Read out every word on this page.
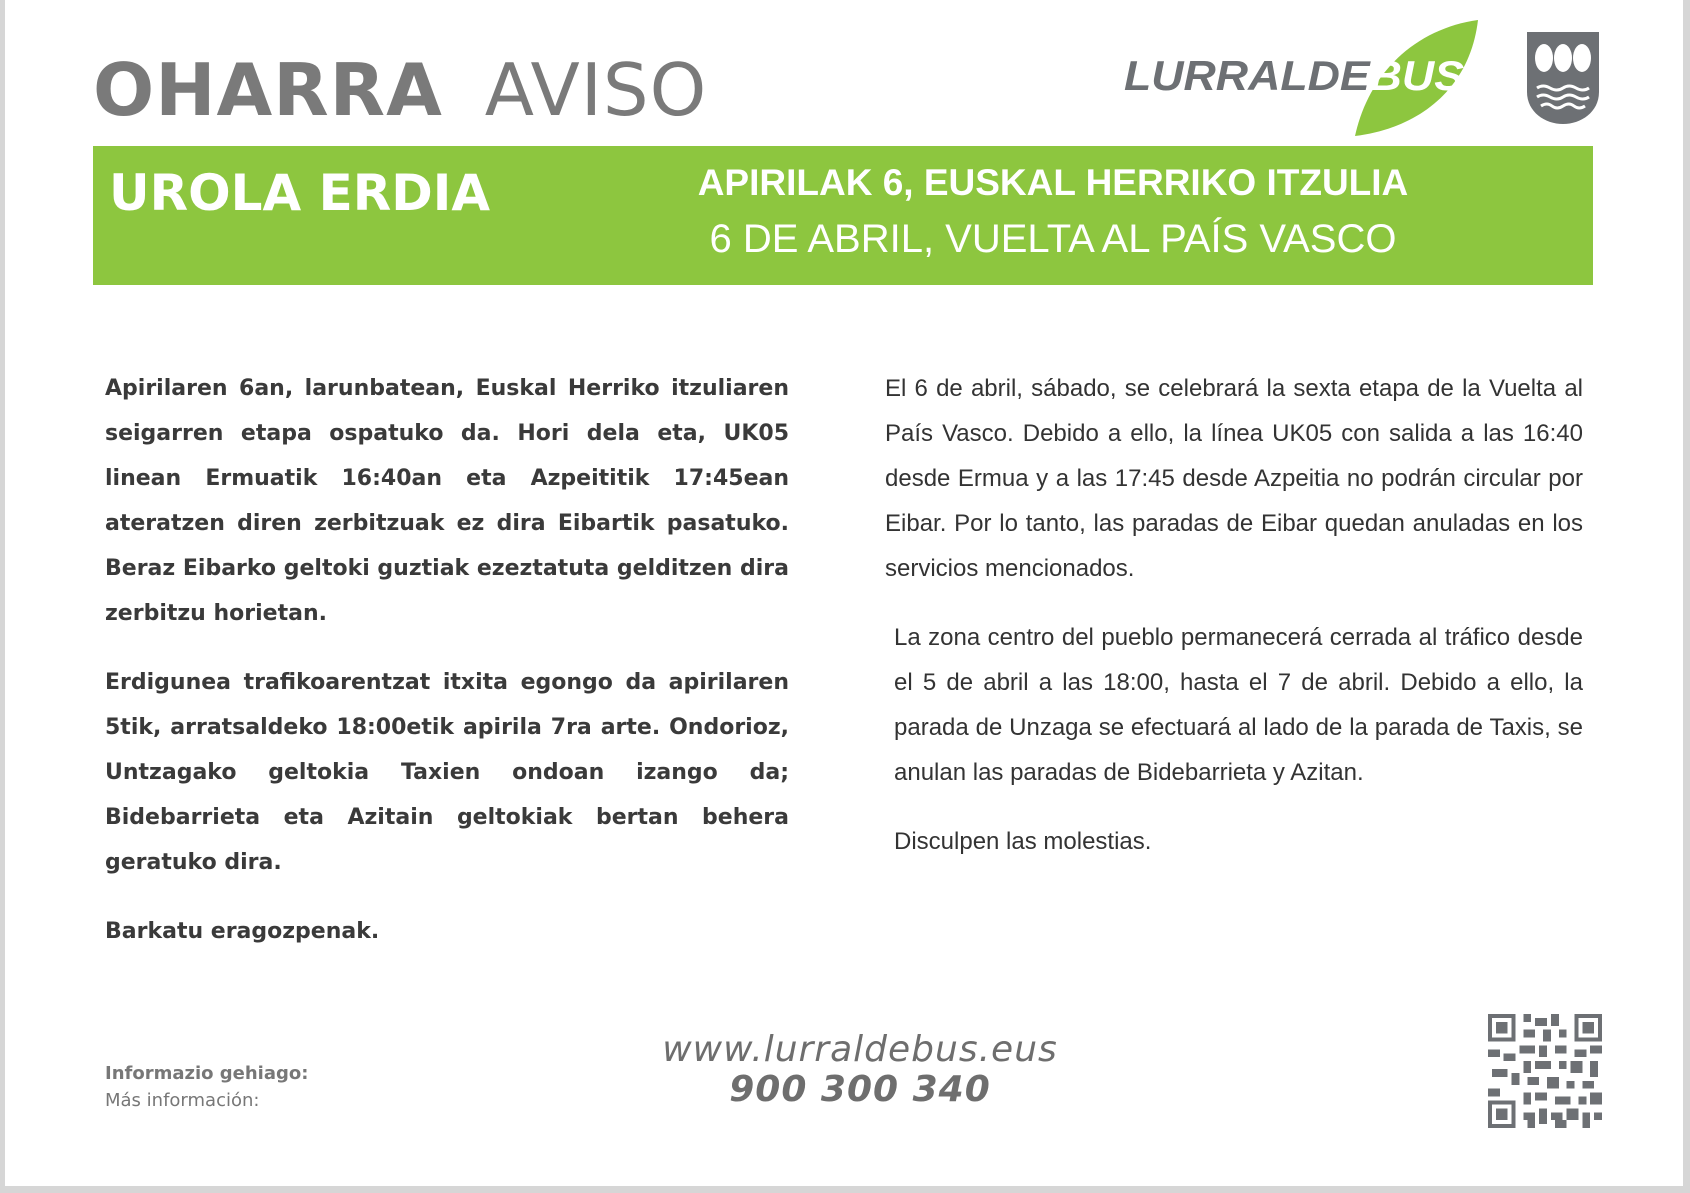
OHARRA AVISO	LURRALDE BUS
UROLA ERDIA	APIRILAK 6, EUSKAL HERRIKO ITZULIA
6 DE ABRIL, VUELTA AL PAÍS VASCO

Apirilaren 6an, larunbatean, Euskal Herriko itzuliaren seigarren etapa ospatuko da. Hori dela eta, UK05 linean Ermuatik 16:40an eta Azpeititik 17:45ean ateratzen diren zerbitzuak ez dira Eibartik pasatuko. Beraz Eibarko geltoki guztiak ezeztatuta gelditzen dira zerbitzu horietan.

Erdigunea trafikoarentzat itxita egongo da apirilaren 5tik, arratsaldeko 18:00etik apirila 7ra arte. Ondorioz, Untzagako geltokia Taxien ondoan izango da; Bidebarrieta eta Azitain geltokiak bertan behera geratuko dira.

Barkatu eragozpenak.

El 6 de abril, sábado, se celebrará la sexta etapa de la Vuelta al País Vasco. Debido a ello, la línea UK05 con salida a las 16:40 desde Ermua y a las 17:45 desde Azpeitia no podrán circular por Eibar. Por lo tanto, las paradas de Eibar quedan anuladas en los servicios mencionados.

La zona centro del pueblo permanecerá cerrada al tráfico desde el 5 de abril a las 18:00, hasta el 7 de abril. Debido a ello, la parada de Unzaga se efectuará al lado de la parada de Taxis, se anulan las paradas de Bidebarrieta y Azitan.

Disculpen las molestias.

Informazio gehiago:
Más información:
www.lurraldebus.eus
900 300 340
